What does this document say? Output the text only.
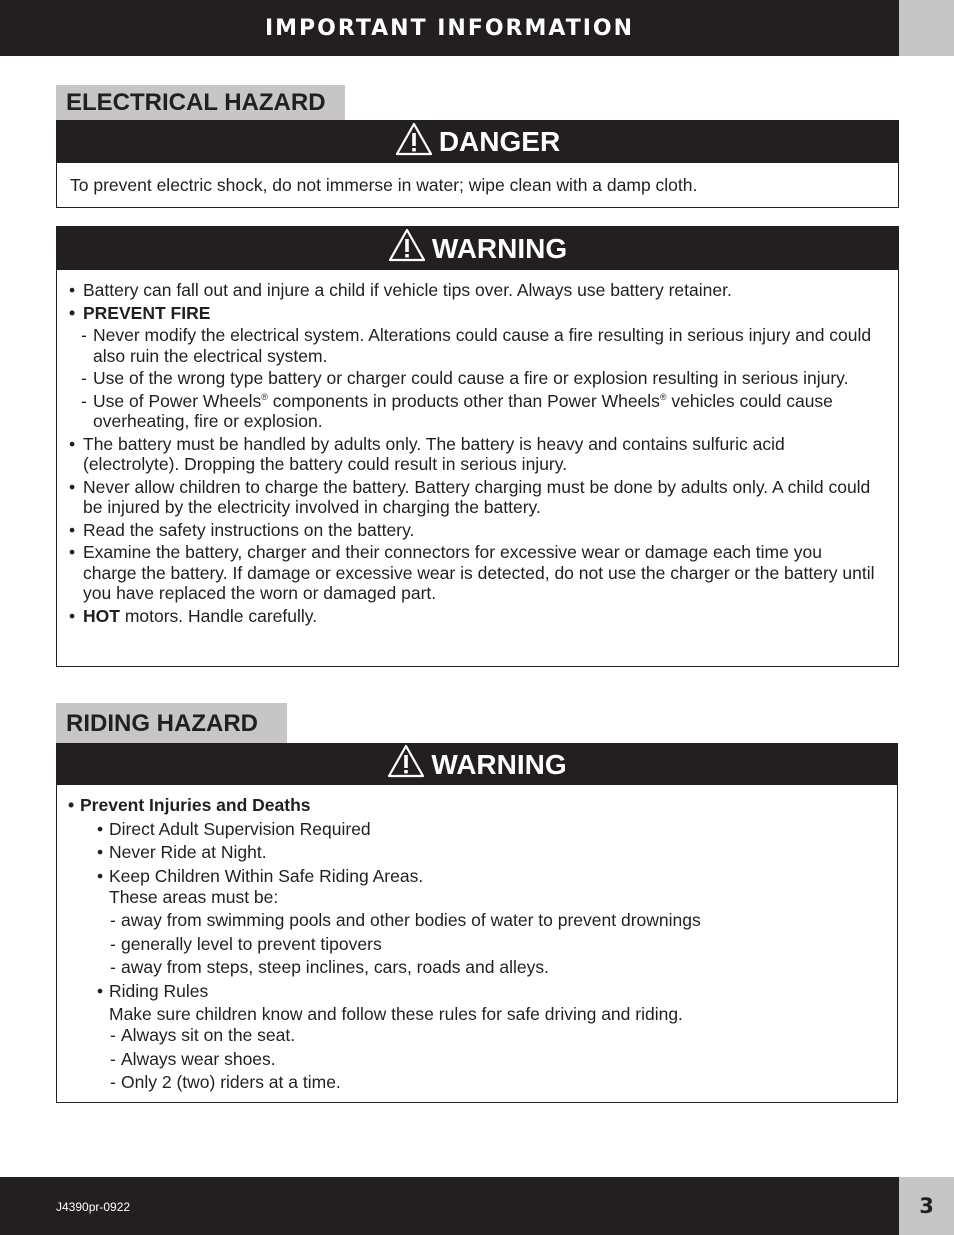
IMPORTANT INFORMATION
ELECTRICAL HAZARD
DANGER
To prevent electric shock, do not immerse in water; wipe clean with a damp cloth.
WARNING
• Battery can fall out and injure a child if vehicle tips over. Always use battery retainer.
• PREVENT FIRE
- Never modify the electrical system. Alterations could cause a fire resulting in serious injury and could also ruin the electrical system.
- Use of the wrong type battery or charger could cause a fire or explosion resulting in serious injury.
- Use of Power Wheels® components in products other than Power Wheels® vehicles could cause overheating, fire or explosion.
• The battery must be handled by adults only. The battery is heavy and contains sulfuric acid (electrolyte). Dropping the battery could result in serious injury.
• Never allow children to charge the battery. Battery charging must be done by adults only. A child could be injured by the electricity involved in charging the battery.
• Read the safety instructions on the battery.
• Examine the battery, charger and their connectors for excessive wear or damage each time you charge the battery. If damage or excessive wear is detected, do not use the charger or the battery until you have replaced the worn or damaged part.
• HOT motors. Handle carefully.
RIDING HAZARD
WARNING
• Prevent Injuries and Deaths
• Direct Adult Supervision Required
• Never Ride at Night.
• Keep Children Within Safe Riding Areas.
These areas must be:
- away from swimming pools and other bodies of water to prevent drownings
- generally level to prevent tipovers
- away from steps, steep inclines, cars, roads and alleys.
• Riding Rules
Make sure children know and follow these rules for safe driving and riding.
- Always sit on the seat.
- Always wear shoes.
- Only 2 (two) riders at a time.
J4390pr-0922	3
